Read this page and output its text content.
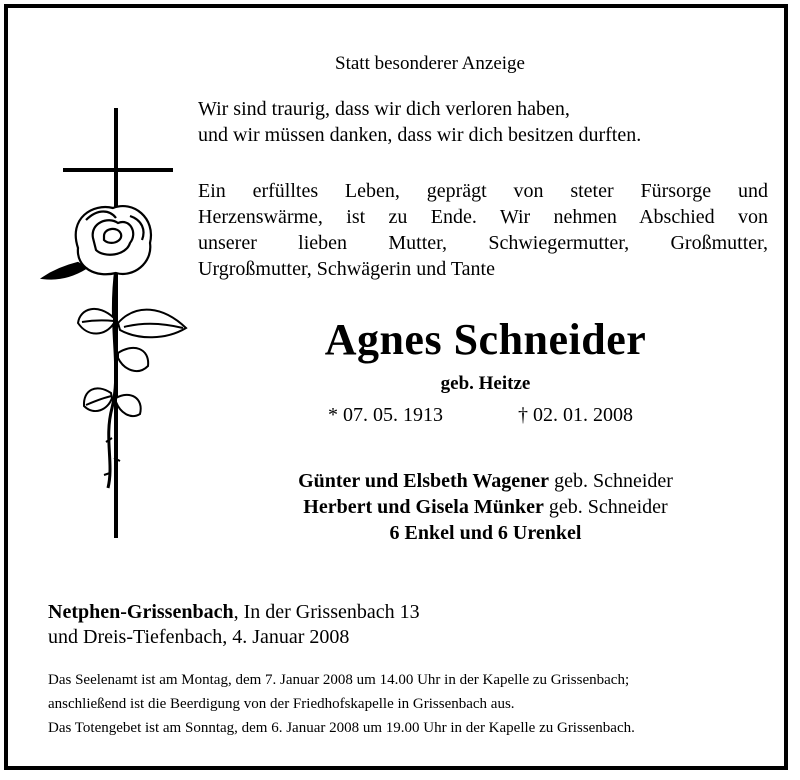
Statt besonderer Anzeige
Wir sind traurig, dass wir dich verloren haben,
und wir müssen danken, dass wir dich besitzen durften.
Ein erfülltes Leben, geprägt von steter Fürsorge und
Herzenswärme, ist zu Ende. Wir nehmen Abschied von
unserer lieben Mutter, Schwiegermutter, Großmutter,
Urgroßmutter, Schwägerin und Tante
Agnes Schneider
geb. Heitze
* 07. 05. 1913	† 02. 01. 2008
Günter und Elsbeth Wagener geb. Schneider
Herbert und Gisela Münker geb. Schneider
6 Enkel und 6 Urenkel
Netphen-Grissenbach, In der Grissenbach 13
und Dreis-Tiefenbach, 4. Januar 2008
Das Seelenamt ist am Montag, dem 7. Januar 2008 um 14.00 Uhr in der Kapelle zu Grissenbach;
anschließend ist die Beerdigung von der Friedhofskapelle in Grissenbach aus.
Das Totengebet ist am Sonntag, dem 6. Januar 2008 um 19.00 Uhr in der Kapelle zu Grissenbach.
